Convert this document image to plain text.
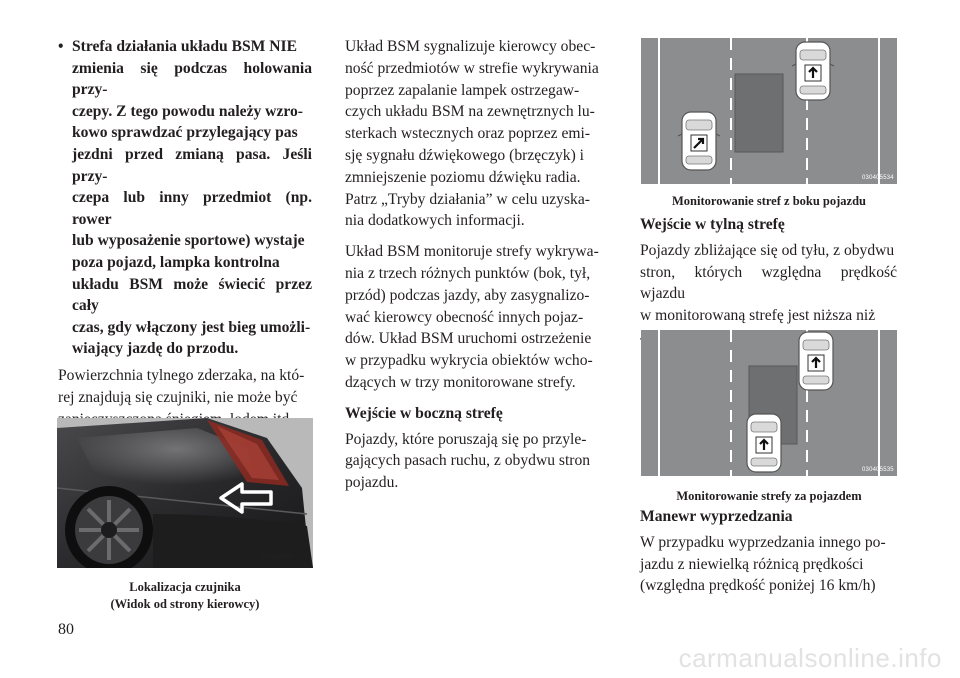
• Strefa działania układu BSM NIE
zmienia się podczas holowania przy-
czepy. Z tego powodu należy wzro-
kowo sprawdzać przylegający pas
jezdni przed zmianą pasa. Jeśli przy-
czepa lub inny przedmiot (np. rower
lub wyposażenie sportowe) wystaje
poza pojazd, lampka kontrolna
układu BSM może świecić przez cały
czas, gdy włączony jest bieg umożli-
wiający jazdę do przodu.

Powierzchnia tylnego zderzaka, na któ-

rej znajdują się czujniki, nie może być

035468893
Lokalizacja czujnika
(Widok od strony kierowcy)

Układ BSM sygnalizuje kierowcy obec-

ność przedmiotów w strefie wykrywania

poprzez zapalanie lampek ostrzegaw-

czych układu BSM na zewnętrznych lu-

sterkach wstecznych oraz poprzez emi-

sję sygnału dźwiękowego (brzęczyk) i

zmniejszenie poziomu dźwięku radia.

Patrz „Tryby działania” w celu uzyska-

nia dodatkowych informacji.

Układ BSM monitoruje strefy wykrywa-

nia z trzech różnych punktów (bok, tył,

przód) podczas jazdy, aby zasygnalizo-

wać kierowcy obecność innych pojaz-

dów. Układ BSM uruchomi ostrzeżenie

w przypadku wykrycia obiektów wcho-

dzących w trzy monitorowane strefy.

Wejście w boczną strefę

Pojazdy, które poruszają się po przyle-

gających pasach ruchu, z obydwu stron

pojazdu.

030405534
Monitorowanie stref z boku pojazdu
Wejście w tylną strefę

Pojazdy zbliżające się od tyłu, z obydwu

stron, których względna prędkość wjazdu

w monitorowaną strefę jest niższa niż

030405535
Monitorowanie strefy za pojazdem
Manewr wyprzedzania

W przypadku wyprzedzania innego po-

jazdu z niewielką różnicą prędkości

(względna prędkość poniżej 16 km/h)

80
carmanualsonline.info
